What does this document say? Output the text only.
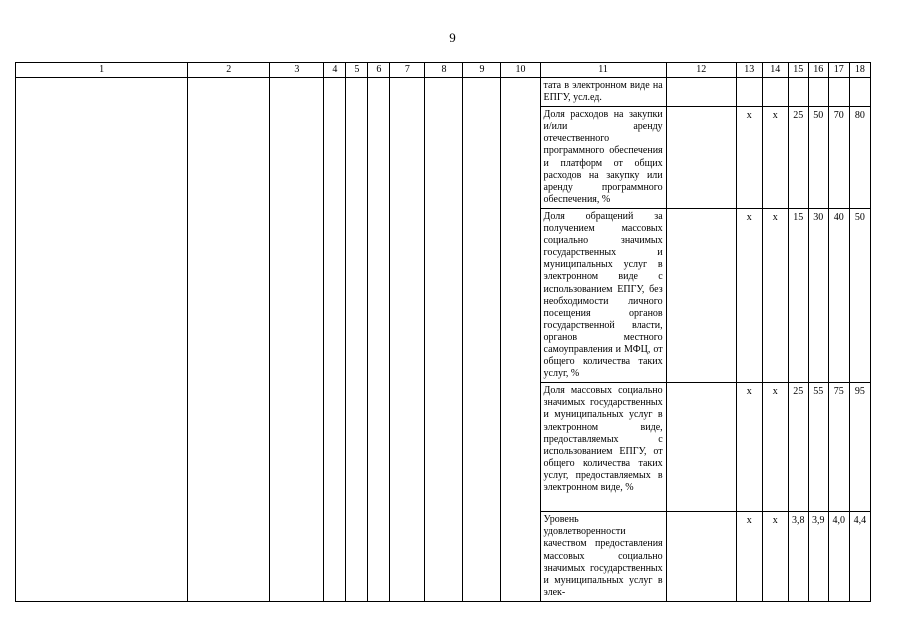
9
1	2	3	4	5	6	7	8	9	10	11	12	13	14	15	16	17	18
										тата в электронном виде на ЕПГУ, усл.ед.							
										Доля расходов на закупки и/или аренду отечественного программного обеспечения и платформ от общих расходов на закупку или аренду программного обеспечения, %		x	x	25	50	70	80
										Доля обращений за получением массовых социально значимых государственных и муниципальных услуг в электронном виде с использованием ЕПГУ, без необходимости личного посещения органов государственной власти, органов местного самоуправления и МФЦ, от общего количества таких услуг, %		x	x	15	30	40	50
										Доля массовых социально значимых государственных и муниципальных услуг в электронном виде, предоставляемых с использованием ЕПГУ, от общего количества таких услуг, предоставляемых в электронном виде, %		x	x	25	55	75	95
										Уровень удовлетворенности качеством предоставления массовых социально значимых государственных и муниципальных услуг в элек-		x	x	3,8	3,9	4,0	4,4
